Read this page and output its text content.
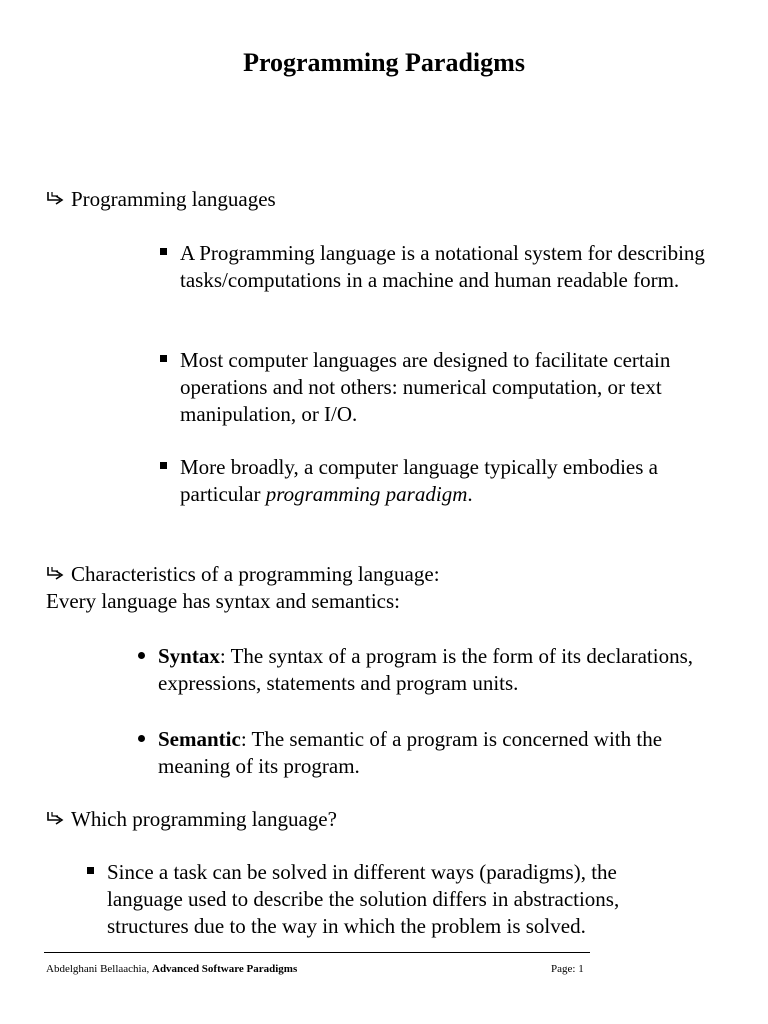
Programming Paradigms
Programming languages
A Programming language is a notational system for describing tasks/computations in a machine and human readable form.
Most computer languages are designed to facilitate certain operations and not others: numerical computation, or text manipulation, or I/O.
More broadly, a computer language typically embodies a particular programming paradigm.
Characteristics of a programming language:
Every language has syntax and semantics:
Syntax: The syntax of a program is the form of its declarations, expressions, statements and program units.
Semantic: The semantic of a program is concerned with the meaning of its program.
Which programming language?
Since a task can be solved in different ways (paradigms), the language used to describe the solution differs in abstractions, structures due to the way in which the problem is solved.
Abdelghani Bellaachia, Advanced Software Paradigms	Page: 1
